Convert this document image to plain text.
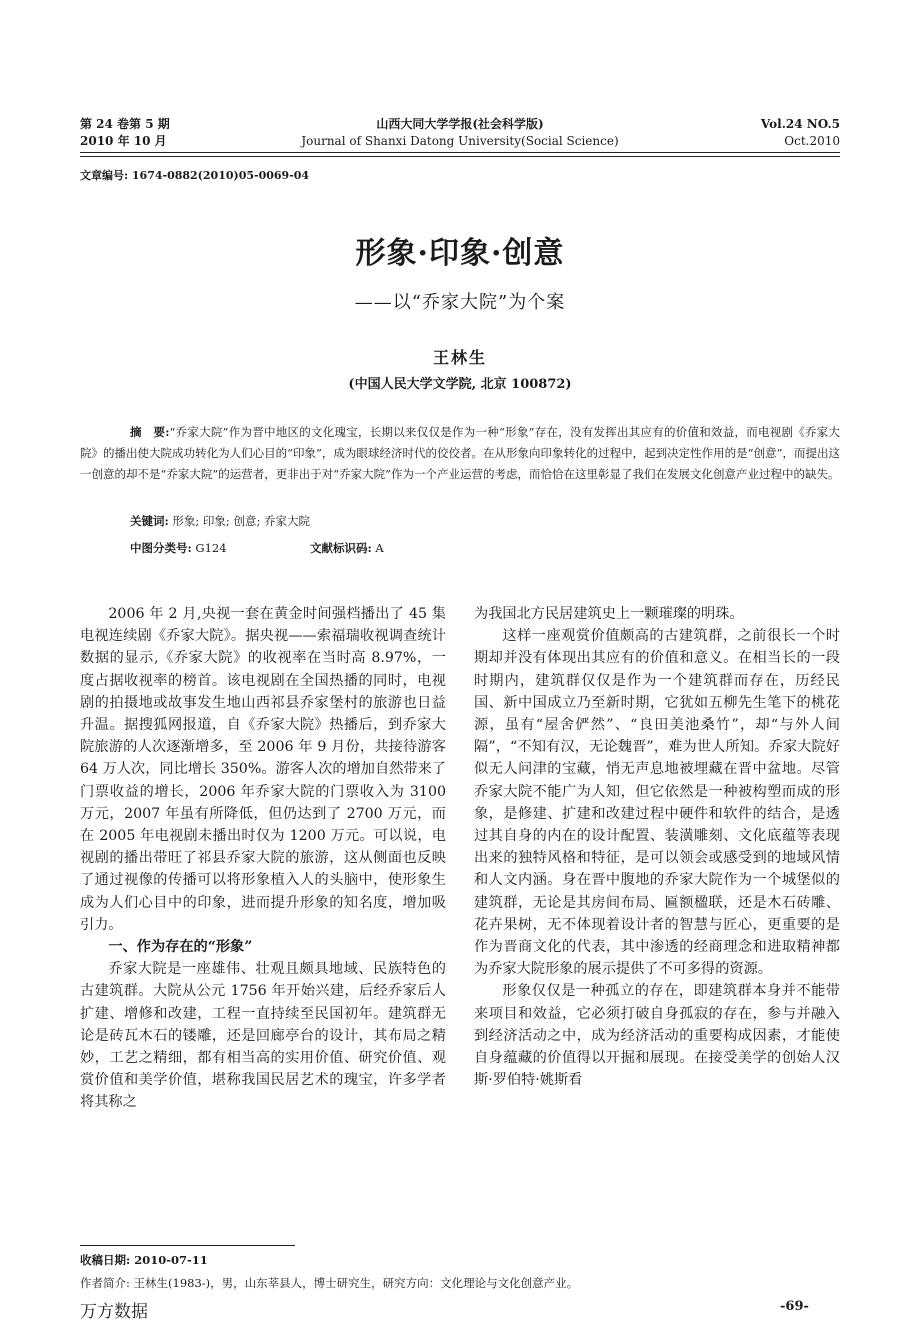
第 24 卷第 5 期
2010 年 10 月
山西大同大学学报(社会科学版)
Journal of Shanxi Datong University(Social Science)
Vol.24 NO.5
Oct.2010
文章编号: 1674-0882(2010)05-0069-04
形象·印象·创意
——以“乔家大院”为个案
王林生
(中国人民大学文学院, 北京 100872)
摘　要:“乔家大院”作为晋中地区的文化瑰宝，长期以来仅仅是作为一种“形象”存在，没有发挥出其应有的价值和效益，而电视剧《乔家大院》的播出使大院成功转化为人们心目的“印象”，成为眼球经济时代的佼佼者。在从形象向印象转化的过程中，起到决定性作用的是“创意”，而提出这一创意的却不是“乔家大院”的运营者，更非出于对“乔家大院”作为一个产业运营的考虑，而恰恰在这里彰显了我们在发展文化创意产业过程中的缺失。
关键词: 形象; 印象; 创意; 乔家大院
中图分类号: G124	文献标识码: A

2006 年 2 月,央视一套在黄金时间强档播出了 45 集电视连续剧《乔家大院》。据央视——索福瑞收视调查统计数据的显示,《乔家大院》的收视率在当时高 8.97%，一度占据收视率的榜首。该电视剧在全国热播的同时，电视剧的拍摄地或故事发生地山西祁县乔家堡村的旅游也日益升温。据搜狐网报道，自《乔家大院》热播后，到乔家大院旅游的人次逐渐增多，至 2006 年 9 月份，共接待游客 64 万人次，同比增长 350%。游客人次的增加自然带来了门票收益的增长，2006 年乔家大院的门票收入为 3100 万元，2007 年虽有所降低，但仍达到了 2700 万元，而在 2005 年电视剧未播出时仅为 1200 万元。可以说，电视剧的播出带旺了祁县乔家大院的旅游，这从侧面也反映了通过视像的传播可以将形象植入人的头脑中，使形象生成为人们心目中的印象，进而提升形象的知名度，增加吸引力。

一、作为存在的“形象”

乔家大院是一座雄伟、壮观且颇具地域、民族特色的古建筑群。大院从公元 1756 年开始兴建，后经乔家后人扩建、增修和改建，工程一直持续至民国初年。建筑群无论是砖瓦木石的镂雕，还是回廊亭台的设计，其布局之精妙，工艺之精细，都有相当高的实用价值、研究价值、观赏价值和美学价值，堪称我国民居艺术的瑰宝，许多学者将其称之

为我国北方民居建筑史上一颗璀璨的明珠。

这样一座观赏价值颇高的古建筑群，之前很长一个时期却并没有体现出其应有的价值和意义。在相当长的一段时期内，建筑群仅仅是作为一个建筑群而存在，历经民国、新中国成立乃至新时期，它犹如五柳先生笔下的桃花源，虽有“屋舍俨然”、“良田美池桑竹”，却“与外人间隔”，“不知有汉，无论魏晋”，难为世人所知。乔家大院好似无人问津的宝藏，悄无声息地被埋藏在晋中盆地。尽管乔家大院不能广为人知，但它依然是一种被构塑而成的形象，是修建、扩建和改建过程中硬件和软件的结合，是透过其自身的内在的设计配置、装潢雕刻、文化底蕴等表现出来的独特风格和特征，是可以领会或感受到的地域风情和人文内涵。身在晋中腹地的乔家大院作为一个城堡似的建筑群，无论是其房间布局、匾额楹联，还是木石砖雕、花卉果树，无不体现着设计者的智慧与匠心，更重要的是作为晋商文化的代表，其中渗透的经商理念和进取精神都为乔家大院形象的展示提供了不可多得的资源。

形象仅仅是一种孤立的存在，即建筑群本身并不能带来项目和效益，它必须打破自身孤寂的存在，参与并融入到经济活动之中，成为经济活动的重要构成因素，才能使自身蕴藏的价值得以开掘和展现。在接受美学的创始人汉斯·罗伯特·姚斯看

收稿日期: 2010-07-11
作者简介: 王林生(1983-)，男，山东莘县人，博士研究生，研究方向：文化理论与文化创意产业。
-69-
万方数据
